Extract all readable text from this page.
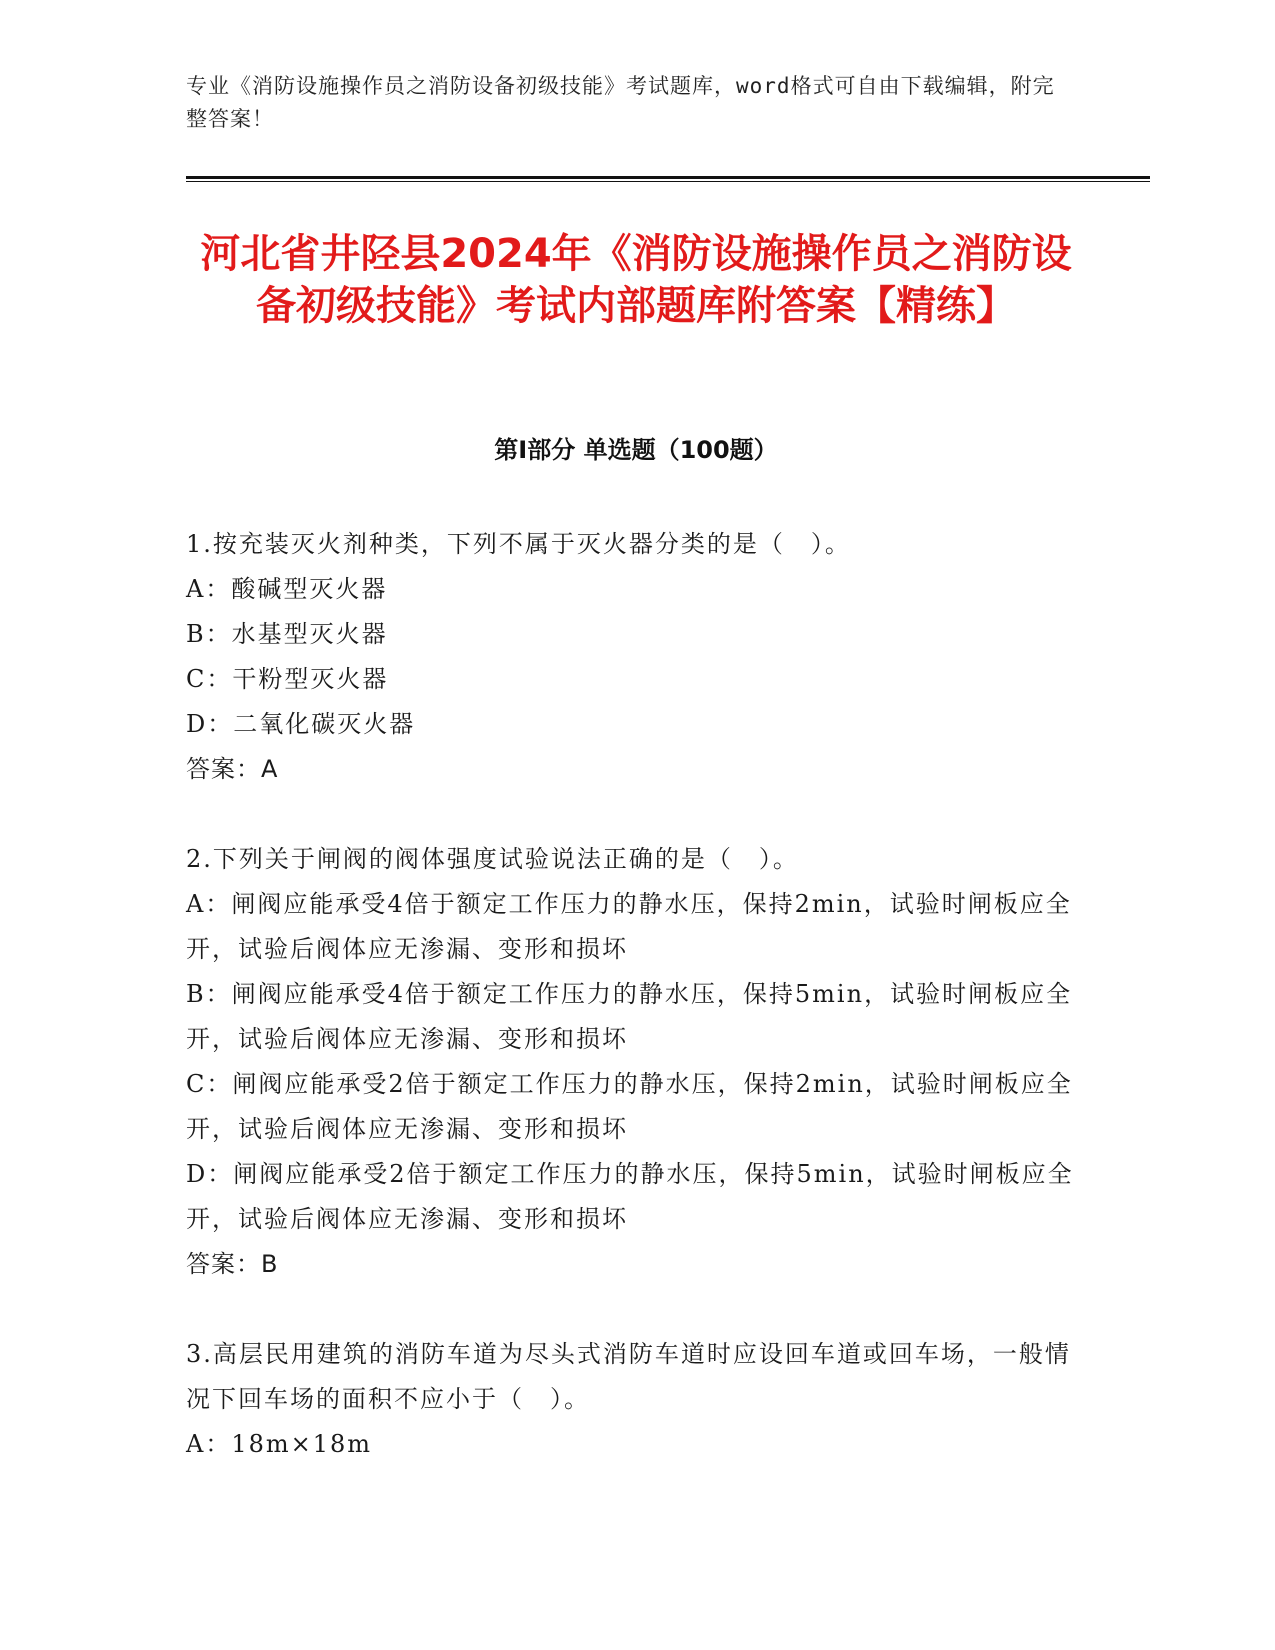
专业《消防设施操作员之消防设备初级技能》考试题库，word格式可自由下载编辑，附完整答案！
河北省井陉县2024年《消防设施操作员之消防设备初级技能》考试内部题库附答案【精练】
第I部分 单选题（100题）

1.按充装灭火剂种类，下列不属于灭火器分类的是（　）。

A：酸碱型灭火器

B：水基型灭火器

C：干粉型灭火器

D：二氧化碳灭火器

答案：A

2.下列关于闸阀的阀体强度试验说法正确的是（　）。

A：闸阀应能承受4倍于额定工作压力的静水压，保持2min，试验时闸板应全开，试验后阀体应无渗漏、变形和损坏

B：闸阀应能承受4倍于额定工作压力的静水压，保持5min，试验时闸板应全开，试验后阀体应无渗漏、变形和损坏

C：闸阀应能承受2倍于额定工作压力的静水压，保持2min，试验时闸板应全开，试验后阀体应无渗漏、变形和损坏

D：闸阀应能承受2倍于额定工作压力的静水压，保持5min，试验时闸板应全开，试验后阀体应无渗漏、变形和损坏

答案：B

3.高层民用建筑的消防车道为尽头式消防车道时应设回车道或回车场，一般情况下回车场的面积不应小于（　）。

A：18m×18m
